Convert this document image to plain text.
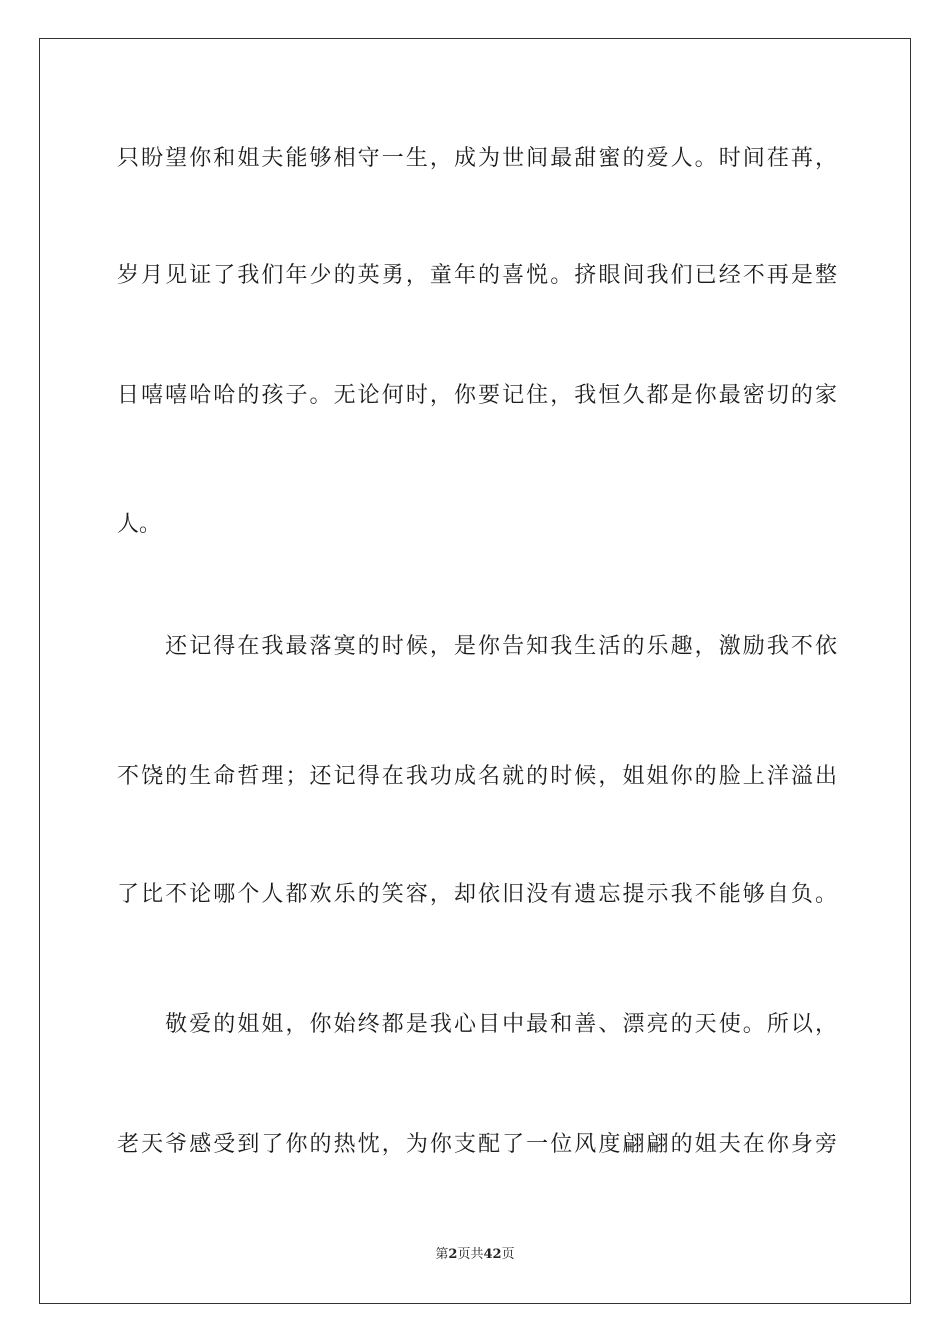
只盼望你和姐夫能够相守一生，成为世间最甜蜜的爱人。时间荏苒，
岁月见证了我们年少的英勇，童年的喜悦。挤眼间我们已经不再是整
日嘻嘻哈哈的孩子。无论何时，你要记住，我恒久都是你最密切的家
人。
　　还记得在我最落寞的时候，是你告知我生活的乐趣，激励我不依
不饶的生命哲理；还记得在我功成名就的时候，姐姐你的脸上洋溢出
了比不论哪个人都欢乐的笑容，却依旧没有遗忘提示我不能够自负。
　　敬爱的姐姐，你始终都是我心目中最和善、漂亮的天使。所以，
老天爷感受到了你的热忱，为你支配了一位风度翩翩的姐夫在你身旁
第2页共42页
